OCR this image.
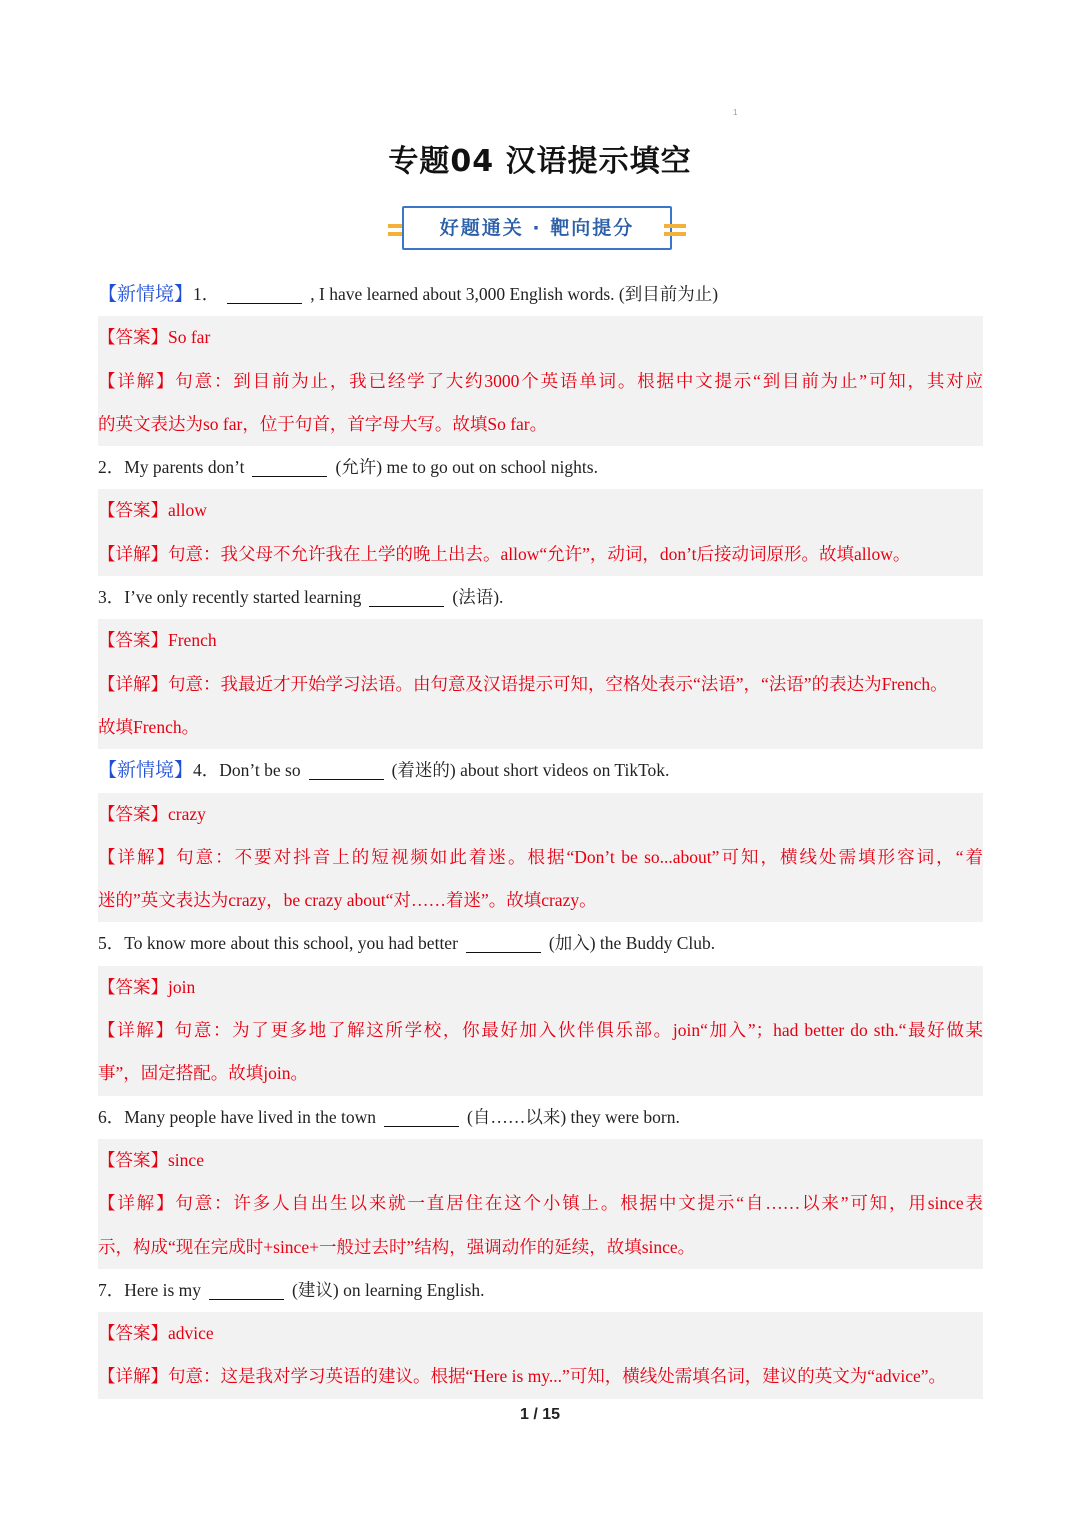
1
专题04 汉语提示填空
好题通关 · 靶向提分
【新情境】1．	, I have learned about 3,000 English words. (到目前为止)
【答案】So far
【详解】句意：到目前为止，我已经学了大约3000个英语单词。根据中文提示“到目前为止”可知，其对应
的英文表达为so far，位于句首，首字母大写。故填So far。
2．My parents don’t	(允许) me to go out on school nights.
【答案】allow
【详解】句意：我父母不允许我在上学的晚上出去。allow“允许”，动词，don’t后接动词原形。故填allow。
3．I’ve only recently started learning	(法语).
【答案】French
【详解】句意：我最近才开始学习法语。由句意及汉语提示可知，空格处表示“法语”，“法语”的表达为French。
故填French。
【新情境】4．Don’t be so	(着迷的) about short videos on TikTok.
【答案】crazy
【详解】句意：不要对抖音上的短视频如此着迷。根据“Don’t be so...about”可知，横线处需填形容词，“着
迷的”英文表达为crazy，be crazy about“对……着迷”。故填crazy。
5．To know more about this school, you had better	(加入) the Buddy Club.
【答案】join
【详解】句意：为了更多地了解这所学校，你最好加入伙伴俱乐部。join“加入”；had better do sth.“最好做某
事”，固定搭配。故填join。
6．Many people have lived in the town	(自……以来) they were born.
【答案】since
【详解】句意：许多人自出生以来就一直居住在这个小镇上。根据中文提示“自……以来”可知，用since表
示，构成“现在完成时+since+一般过去时”结构，强调动作的延续，故填since。
7．Here is my	(建议) on learning English.
【答案】advice
【详解】句意：这是我对学习英语的建议。根据“Here is my...”可知，横线处需填名词，建议的英文为“advice”。
1 / 15
